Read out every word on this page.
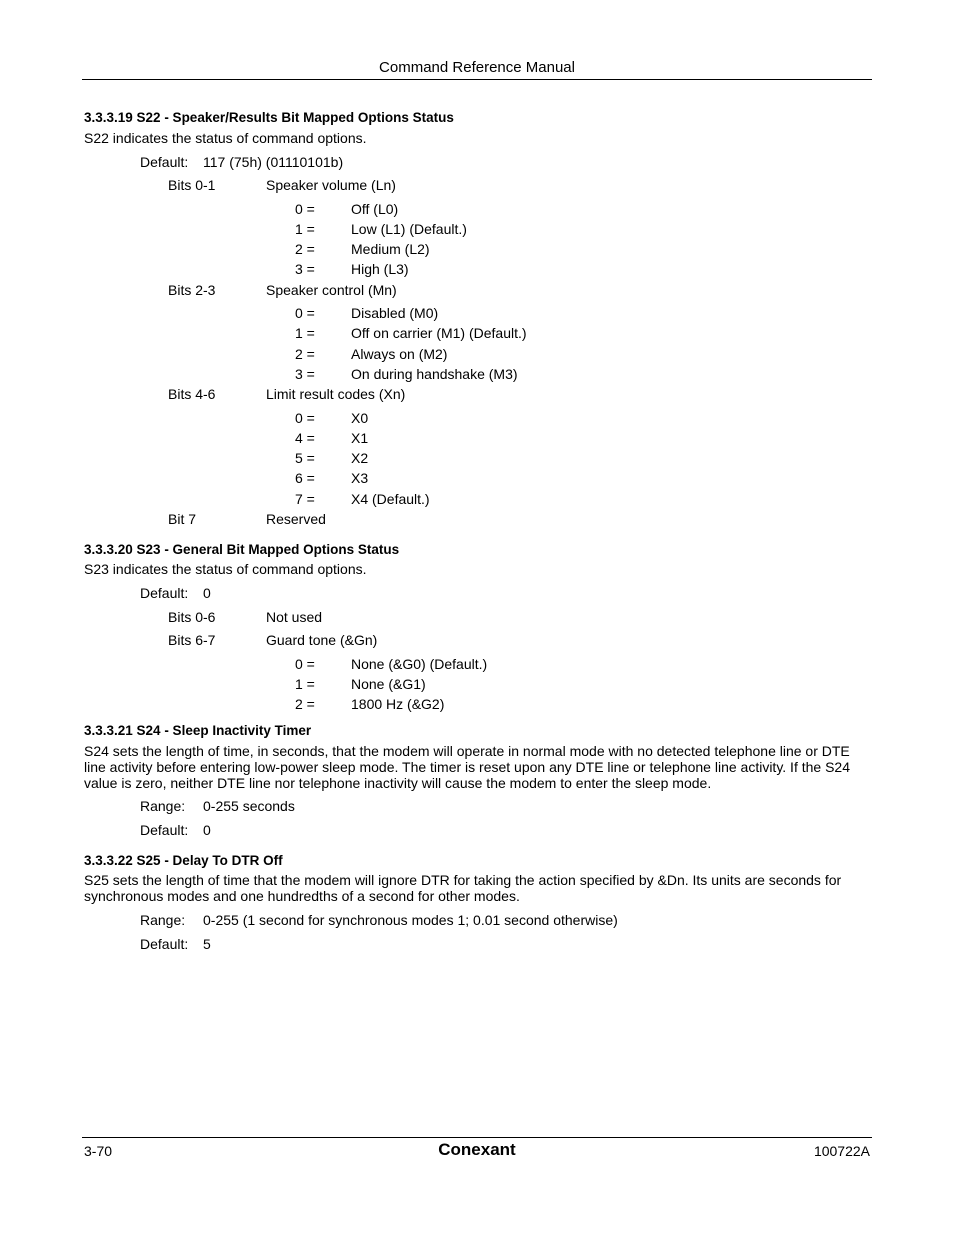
Command Reference Manual
3.3.3.19 S22 - Speaker/Results Bit Mapped Options Status
S22 indicates the status of command options.
Default: 117 (75h) (01110101b)
Bits 0-1	Speaker volume (Ln)
0 =	Off (L0)
1 =	Low (L1) (Default.)
2 =	Medium (L2)
3 =	High (L3)
Bits 2-3	Speaker control (Mn)
0 =	Disabled (M0)
1 =	Off on carrier (M1) (Default.)
2 =	Always on (M2)
3 =	On during handshake (M3)
Bits 4-6	Limit result codes (Xn)
0 =	X0
4 =	X1
5 =	X2
6 =	X3
7 =	X4 (Default.)
Bit 7	Reserved
3.3.3.20 S23 - General Bit Mapped Options Status
S23 indicates the status of command options.
Default: 0
Bits 0-6	Not used
Bits 6-7	Guard tone (&Gn)
0 =	None (&G0) (Default.)
1 =	None (&G1)
2 =	1800 Hz (&G2)
3.3.3.21 S24 - Sleep Inactivity Timer
S24 sets the length of time, in seconds, that the modem will operate in normal mode with no detected telephone line or DTE line activity before entering low-power sleep mode. The timer is reset upon any DTE line or telephone line activity. If the S24 value is zero, neither DTE line nor telephone inactivity will cause the modem to enter the sleep mode.
Range: 0-255 seconds
Default: 0
3.3.3.22 S25 - Delay To DTR Off
S25 sets the length of time that the modem will ignore DTR for taking the action specified by &Dn. Its units are seconds for synchronous modes and one hundredths of a second for other modes.
Range: 0-255 (1 second for synchronous modes 1; 0.01 second otherwise)
Default: 5
3-70	Conexant	100722A
